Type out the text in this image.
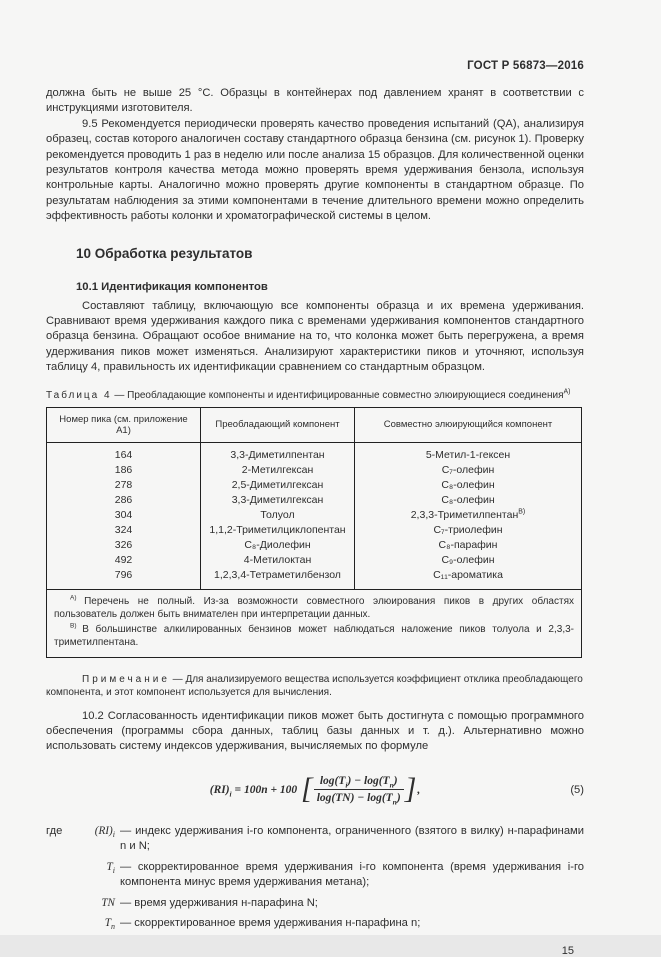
ГОСТ Р 56873—2016

должна быть не выше 25 °С. Образцы в контейнерах под давлением хранят в соответствии с инструкциями изготовителя.

9.5 Рекомендуется периодически проверять качество проведения испытаний (QA), анализируя образец, состав которого аналогичен составу стандартного образца бензина (см. рисунок 1). Проверку рекомендуется проводить 1 раз в неделю или после анализа 15 образцов. Для количественной оценки результатов контроля качества метода можно проверять время удерживания бензола, используя контрольные карты. Аналогично можно проверять другие компоненты в стандартном образце. По результатам наблюдения за этими компонентами в течение длительного времени можно определить эффективность работы колонки и хроматографической системы в целом.

10 Обработка результатов
10.1 Идентификация компонентов

Составляют таблицу, включающую все компоненты образца и их времена удерживания. Сравнивают время удерживания каждого пика с временами удерживания компонентов стандартного образца бензина. Обращают особое внимание на то, что колонка может быть перегружена, а время удерживания пиков может изменяться. Анализируют характеристики пиков и уточняют, используя таблицу 4, правильность их идентификации сравнением со стандартным образцом.

Таблица 4 — Преобладающие компоненты и идентифицированные совместно элюирующиеся соединения$^{А)}$

Номер пика (см. приложение А1)	Преобладающий компонент	Совместно элюирующийся компонент
164	3,3-Диметилпентан	5-Метил-1-гексен
186	2-Метилгексан	C₇-олефин
278	2,5-Диметилгексан	C₈-олефин
286	3,3-Диметилгексан	C₈-олефин
304	Толуол	2,3,3-Триметилпентан$^{В)}$
324	1,1,2-Триметилциклопентан	C₇-триолефин
326	C₈-Диолефин	C₈-парафин
492	4-Метилоктан	C₉-олефин
796	1,2,3,4-Тетраметилбензол	C₁₁-ароматика

$^{А)}$ Перечень не полный. Из-за возможности совместного элюирования пиков в других областях пользователь должен быть внимателен при интерпретации данных.

$^{В)}$ В большинстве алкилированных бензинов может наблюдаться наложение пиков толуола и 2,3,3-триметилпентана.		

Примечание — Для анализируемого вещества используется коэффициент отклика преобладающего компонента, и этот компонент используется для вычисления.

10.2 Согласованность идентификации пиков может быть достигнута с помощью программного обеспечения (программы сбора данных, таблиц базы данных и т. д.). Альтернативно можно использовать систему индексов удерживания, вычисляемых по формуле

$(RI)_i = 100n + 100$ [ $\frac{\log(T_i) - \log(T_n)}{\log(TN) - \log(T_n)}$ ] ,	(5)
где	$(RI)_i$ — индекс удерживания i-го компонента, ограниченного (взятого в вилку) н-парафинами n и N;
$T_i$ — скорректированное время удерживания i-го компонента (время удерживания i-го компонента минус время удерживания метана);
TN — время удерживания н-парафина N;
$T_n$ — скорректированное время удерживания н-парафина n;
15
